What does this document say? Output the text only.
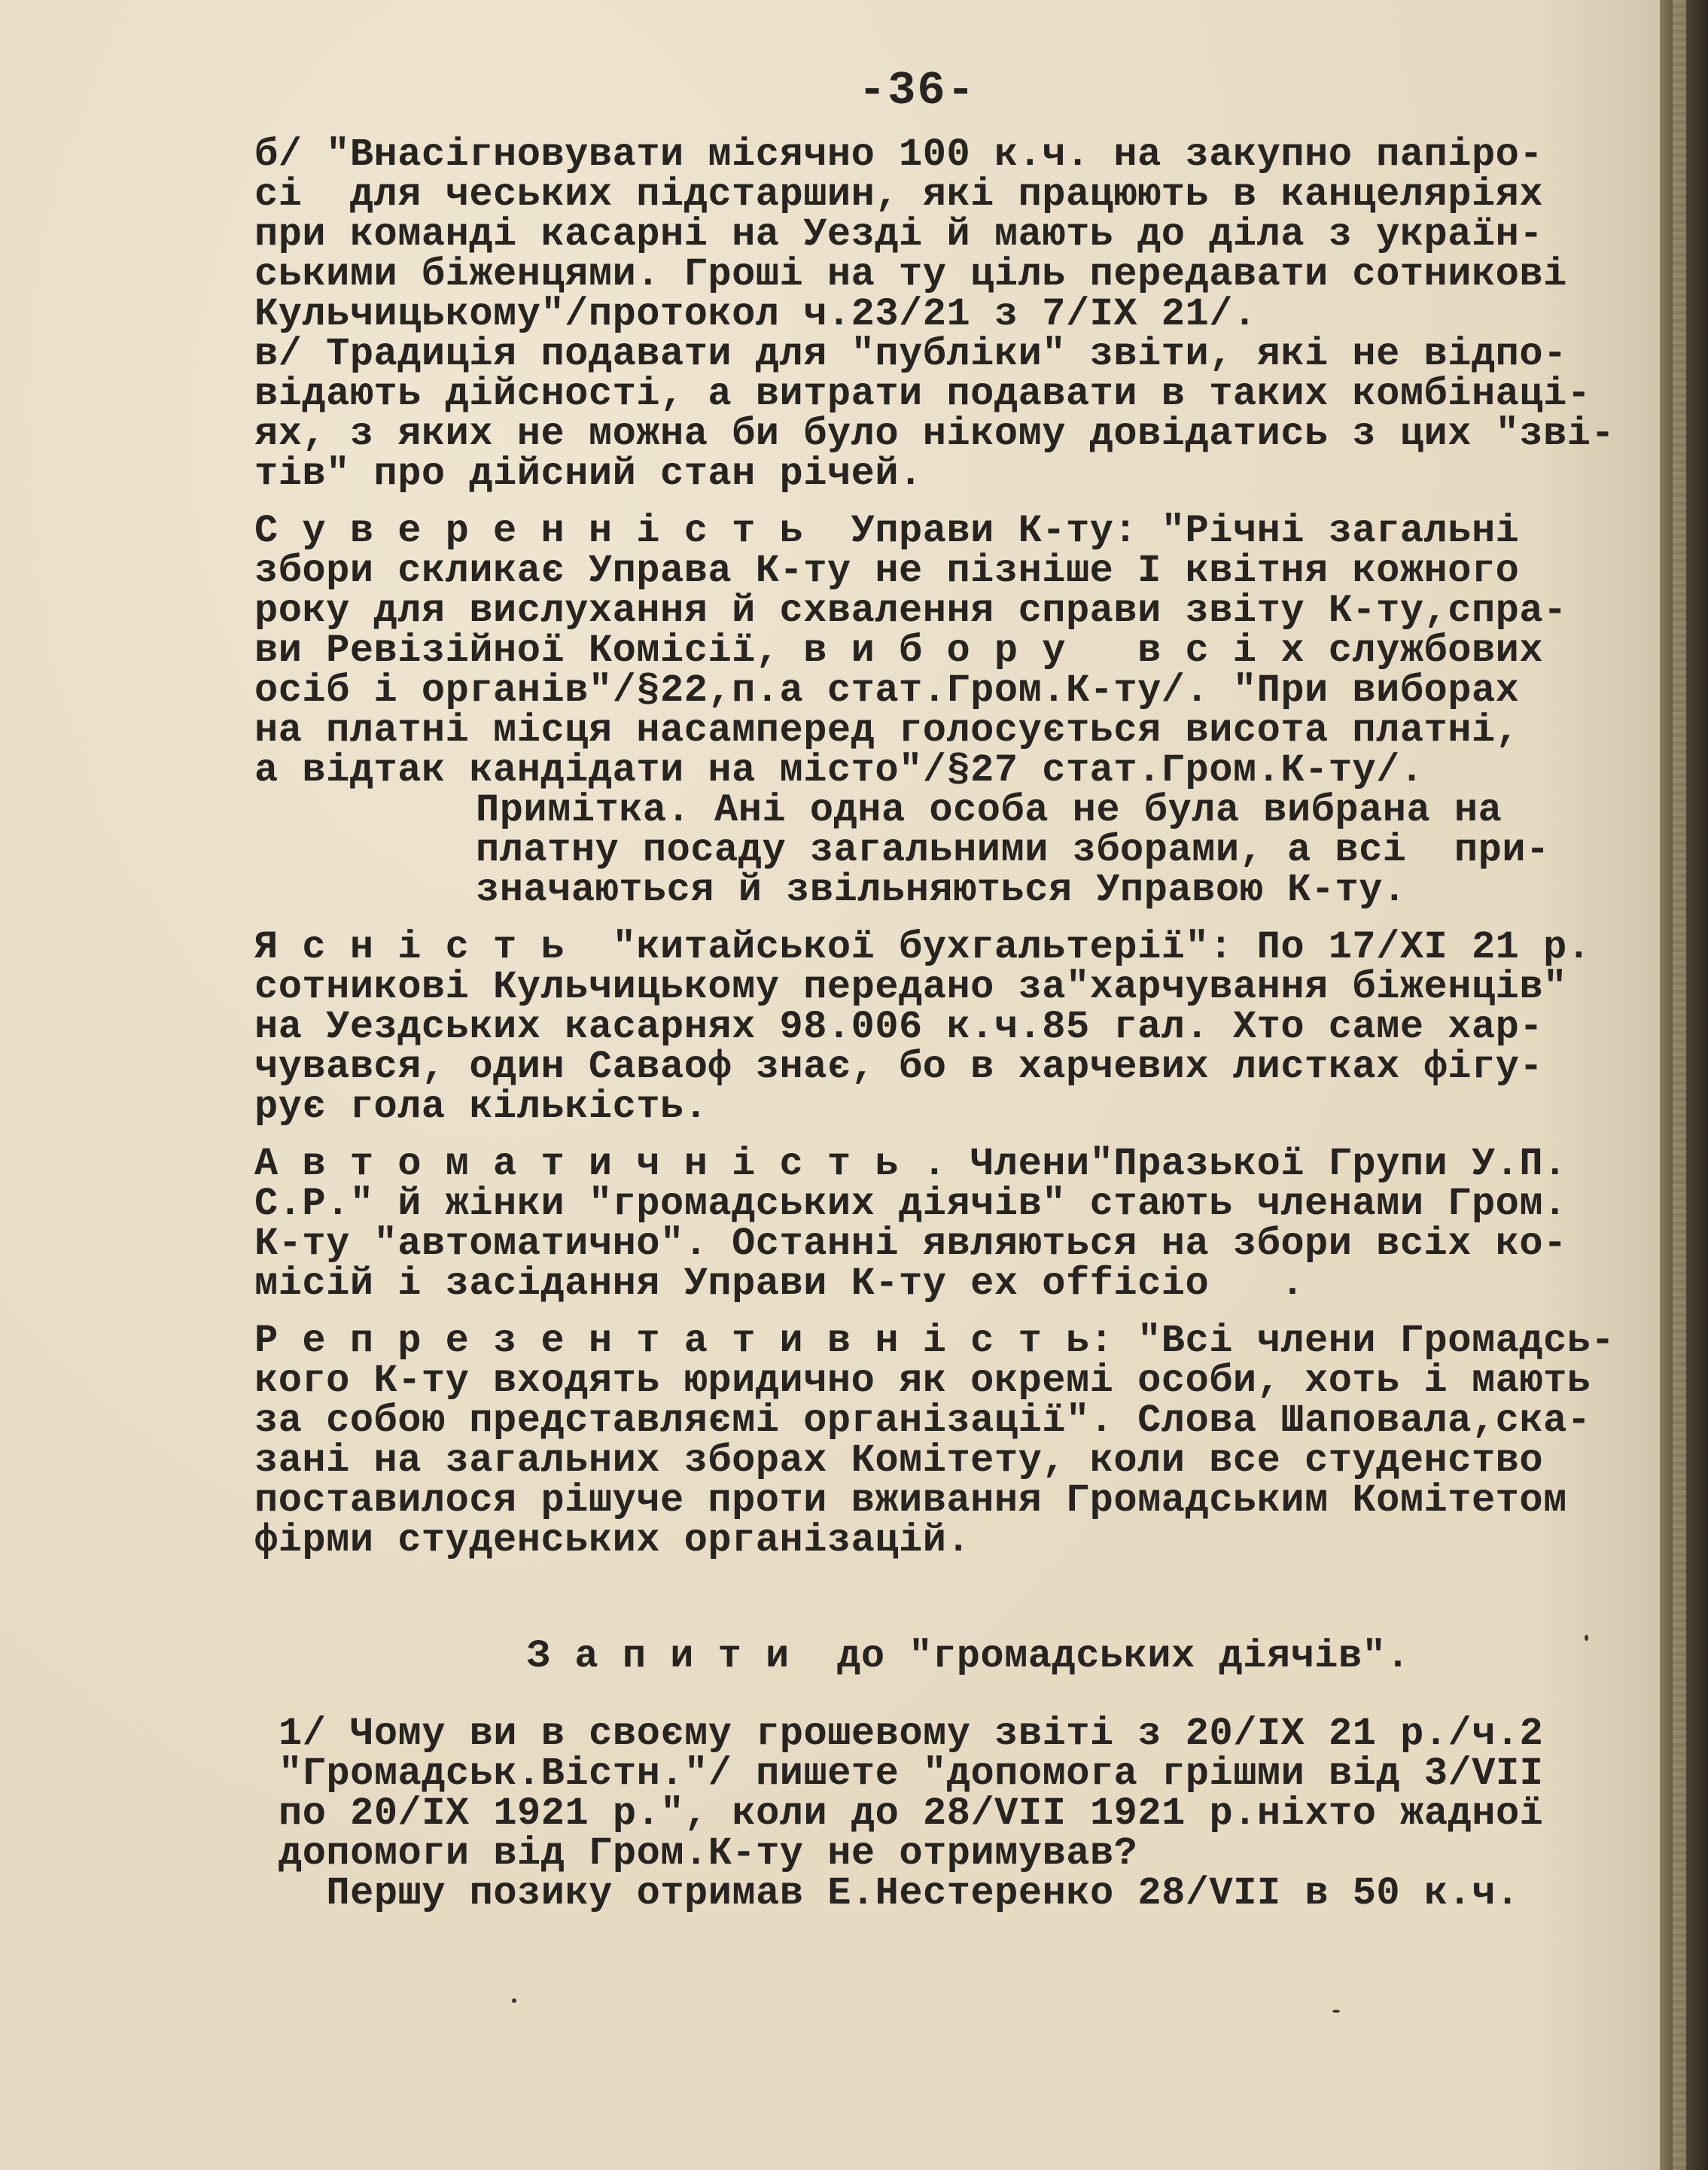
-36-
б/ "Внасігновувати місячно 100 к.ч. на закупно папіро-
сі  для чеських підстаршин, які працюють в канцеляріях
при команді касарні на Уезді й мають до діла з україн-
ськими біженцями. Гроші на ту ціль передавати сотникові
Кульчицькому"/протокол ч.23/21 з 7/IX 21/.
в/ Традиція подавати для "публіки" звіти, які не відпо-
відають дійсності, а витрати подавати в таких комбінаці-
ях, з яких не можна би було нікому довідатись з цих "зві-
тів" про дійсний стан річей.
С у в е р е н н і с т ь  Управи К-ту: "Річні загальні
збори скликає Управа К-ту не пізніше I квітня кожного
року для вислухання й схвалення справи звіту К-ту,спра-
ви Ревізійної Комісії, в и б о р у   в с і х службових
осіб і органів"/§22,п.а стат.Гром.К-ту/. "При виборах
на платні місця насамперед голосується висота платні,
а відтак кандідати на місто"/§27 стат.Гром.К-ту/.
Примітка. Ані одна особа не була вибрана на
платну посаду загальними зборами, а всі  при-
значаються й звільняються Управою К-ту.
Я с н і с т ь  "китайської бухгальтерії": По 17/XI 21 р.
сотникові Кульчицькому передано за"харчування біженців"
на Уездських касарнях 98.006 к.ч.85 гал. Хто саме хар-
чувався, один Саваоф знає, бо в харчевих листках фігу-
рує гола кількість.
А в т о м а т и ч н і с т ь . Члени"Празької Групи У.П.
С.Р." й жінки "громадських діячів" стають членами Гром.
К-ту "автоматично". Останні являються на збори всіх ко-
місій і засідання Управи К-ту ex officio   .
Р е п р е з е н т а т и в н і с т ь: "Всі члени Громадсь-
кого К-ту входять юридично як окремі особи, хоть і мають
за собою представляємі організації". Слова Шаповала,ска-
зані на загальних зборах Комітету, коли все студенство
поставилося рішуче проти вживання Громадським Комітетом
фірми студенських організацій.
З а п и т и  до "громадських діячів".
1/ Чому ви в своєму грошевому звіті з 20/IX 21 р./ч.2
"Громадськ.Вістн."/ пишете "допомога грішми від 3/VII
по 20/IX 1921 р.", коли до 28/VII 1921 р.ніхто жадної
допомоги від Гром.К-ту не отримував?
Першу позику отримав Е.Нестеренко 28/VII в 50 к.ч.
